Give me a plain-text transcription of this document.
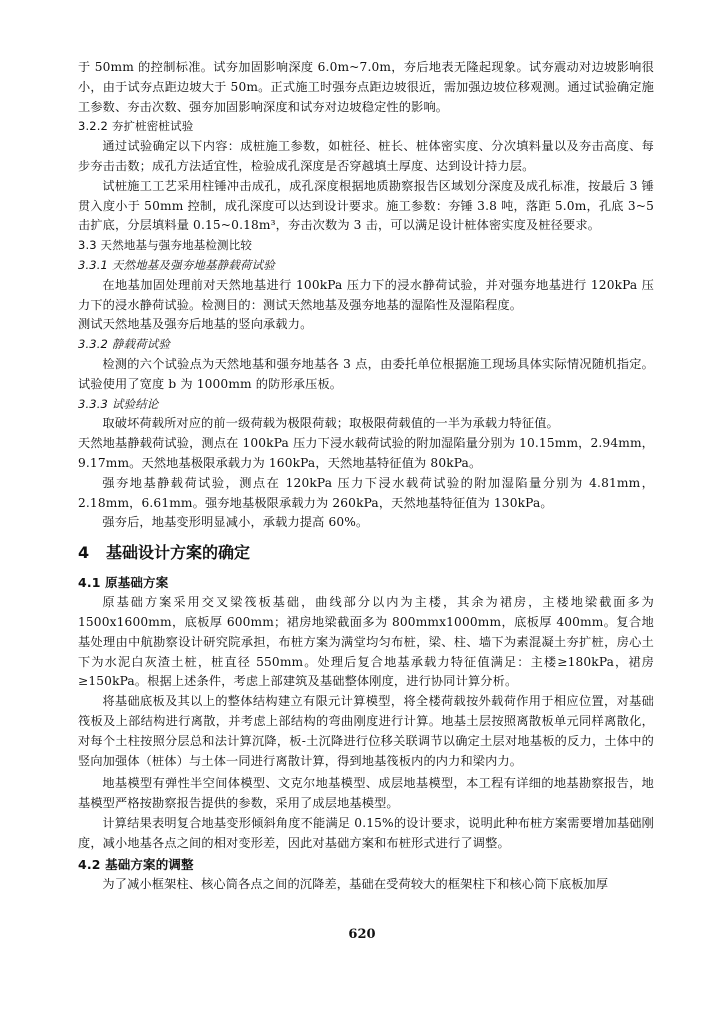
于 50mm 的控制标准。试夯加固影响深度 6.0m~7.0m，夯后地表无隆起现象。试夯震动对边坡影响很小，由于试夯点距边坡大于 50m。正式施工时强夯点距边坡很近，需加强边坡位移观测。通过试验确定施工参数、夯击次数、强夯加固影响深度和试夯对边坡稳定性的影响。

3.2.2 夯扩桩密桩试验

通过试验确定以下内容：成桩施工参数，如桩径、桩长、桩体密实度、分次填料量以及夯击高度、每步夯击击数；成孔方法适宜性，检验成孔深度是否穿越填土厚度、达到设计持力层。

试桩施工工艺采用柱锤冲击成孔，成孔深度根据地质勘察报告区域划分深度及成孔标准，按最后 3 锤贯入度小于 50mm 控制，成孔深度可以达到设计要求。施工参数：夯锤 3.8 吨，落距 5.0m，孔底 3~5 击扩底，分层填料量 0.15~0.18m³，夯击次数为 3 击，可以满足设计桩体密实度及桩径要求。

3.3 天然地基与强夯地基检测比较

3.3.1 天然地基及强夯地基静载荷试验

在地基加固处理前对天然地基进行 100kPa 压力下的浸水静荷试验，并对强夯地基进行 120kPa 压力下的浸水静荷试验。检测目的：测试天然地基及强夯地基的湿陷性及湿陷程度。

测试天然地基及强夯后地基的竖向承载力。

3.3.2 静载荷试验

检测的六个试验点为天然地基和强夯地基各 3 点，由委托单位根据施工现场具体实际情况随机指定。试验使用了宽度 b 为 1000mm 的防形承压板。

3.3.3 试验结论

取破坏荷载所对应的前一级荷载为极限荷载；取极限荷载值的一半为承载力特征值。

天然地基静载荷试验，测点在 100kPa 压力下浸水载荷试验的附加湿陷量分别为 10.15mm，2.94mm，9.17mm。天然地基极限承载力为 160kPa，天然地基特征值为 80kPa。

强夯地基静载荷试验，测点在 120kPa 压力下浸水载荷试验的附加湿陷量分别为 4.81mm，2.18mm，6.61mm。强夯地基极限承载力为 260kPa，天然地基特征值为 130kPa。

强夯后，地基变形明显减小，承载力提高 60%。

4 基础设计方案的确定

4.1 原基础方案

原基础方案采用交叉梁筏板基础，曲线部分以内为主楼，其余为裙房，主楼地梁截面多为 1500x1600mm，底板厚 600mm；裙房地梁截面多为 800mmx1000mm，底板厚 400mm。复合地基处理由中航勘察设计研究院承担，布桩方案为满堂均匀布桩，梁、柱、墙下为素混凝土夯扩桩，房心土下为水泥白灰渣土桩，桩直径 550mm。处理后复合地基承载力特征值满足：主楼≥180kPa，裙房≥150kPa。根据上述条件，考虑上部建筑及基础整体刚度，进行协同计算分析。

将基础底板及其以上的整体结构建立有限元计算模型，将全楼荷载按外载荷作用于相应位置，对基础筏板及上部结构进行离散，并考虑上部结构的弯曲刚度进行计算。地基土层按照离散板单元同样离散化，对每个土柱按照分层总和法计算沉降，板-土沉降进行位移关联调节以确定土层对地基板的反力，土体中的竖向加强体（桩体）与土体一同进行离散计算，得到地基筏板内的内力和梁内力。

地基模型有弹性半空间体模型、文克尔地基模型、成层地基模型，本工程有详细的地基勘察报告，地基模型严格按勘察报告提供的参数，采用了成层地基模型。

计算结果表明复合地基变形倾斜角度不能满足 0.15%的设计要求，说明此种布桩方案需要增加基础刚度，减小地基各点之间的相对变形差，因此对基础方案和布桩形式进行了调整。

4.2 基础方案的调整

为了减小框架柱、核心筒各点之间的沉降差，基础在受荷较大的框架柱下和核心筒下底板加厚

620
